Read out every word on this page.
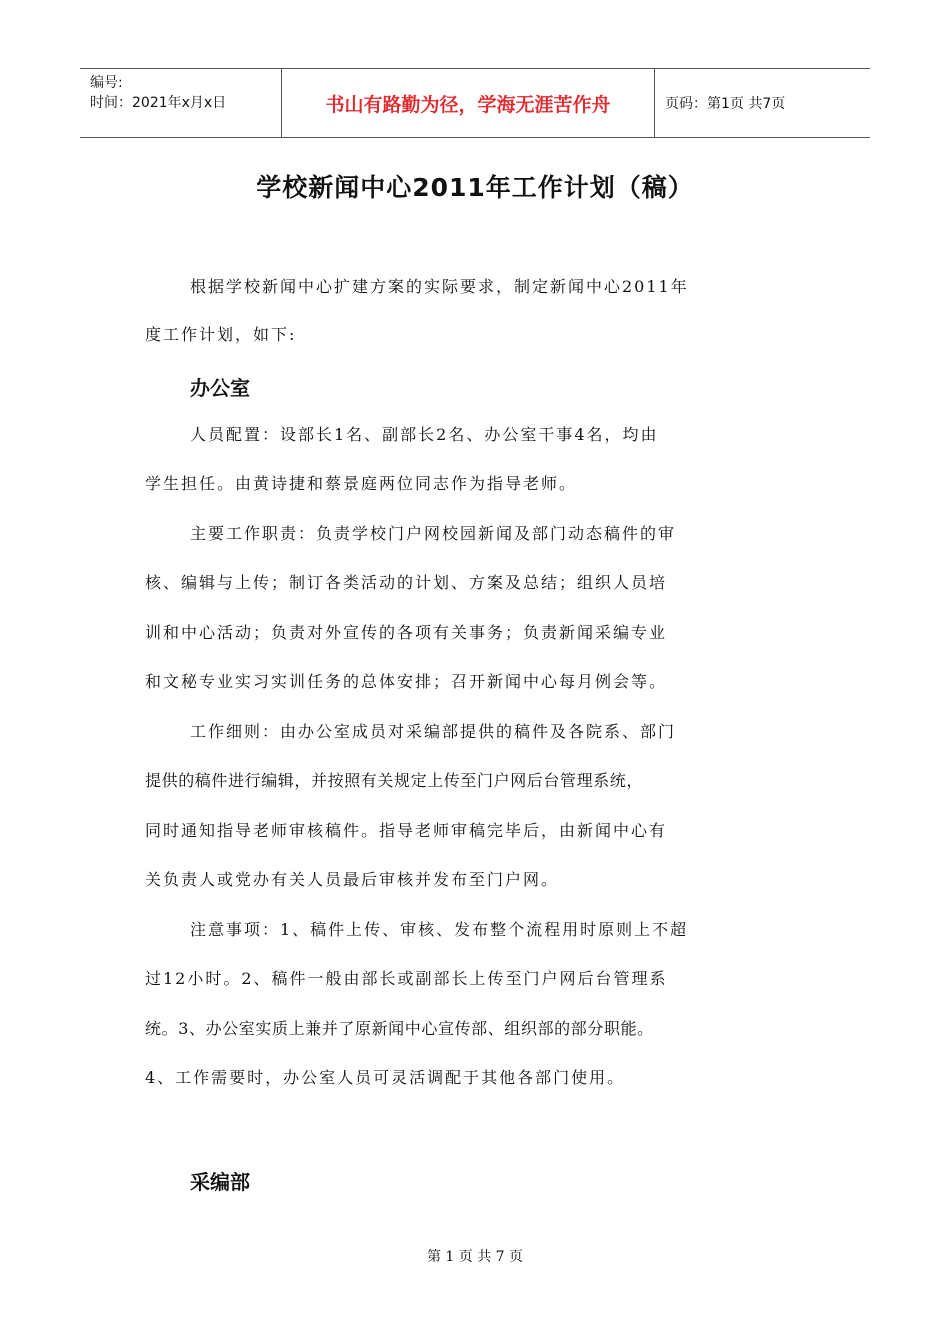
编号:
时间：2021年x月x日	书山有路勤为径，学海无涯苦作舟	页码：第1页 共7页
学校新闻中心2011年工作计划（稿）
根据学校新闻中心扩建方案的实际要求，制定新闻中心2011年
度工作计划，如下:
办公室
人员配置：设部长1名、副部长2名、办公室干事4名，均由
学生担任。由黄诗捷和蔡景庭两位同志作为指导老师。
主要工作职责：负责学校门户网校园新闻及部门动态稿件的审
核、编辑与上传；制订各类活动的计划、方案及总结；组织人员培
训和中心活动；负责对外宣传的各项有关事务；负责新闻采编专业
和文秘专业实习实训任务的总体安排；召开新闻中心每月例会等。
工作细则：由办公室成员对采编部提供的稿件及各院系、部门
提供的稿件进行编辑，并按照有关规定上传至门户网后台管理系统，
同时通知指导老师审核稿件。指导老师审稿完毕后，由新闻中心有
关负责人或党办有关人员最后审核并发布至门户网。
注意事项：1、稿件上传、审核、发布整个流程用时原则上不超
过12小时。2、稿件一般由部长或副部长上传至门户网后台管理系
统。3、办公室实质上兼并了原新闻中心宣传部、组织部的部分职能。
4、工作需要时，办公室人员可灵活调配于其他各部门使用。
采编部
第 1 页 共 7 页
